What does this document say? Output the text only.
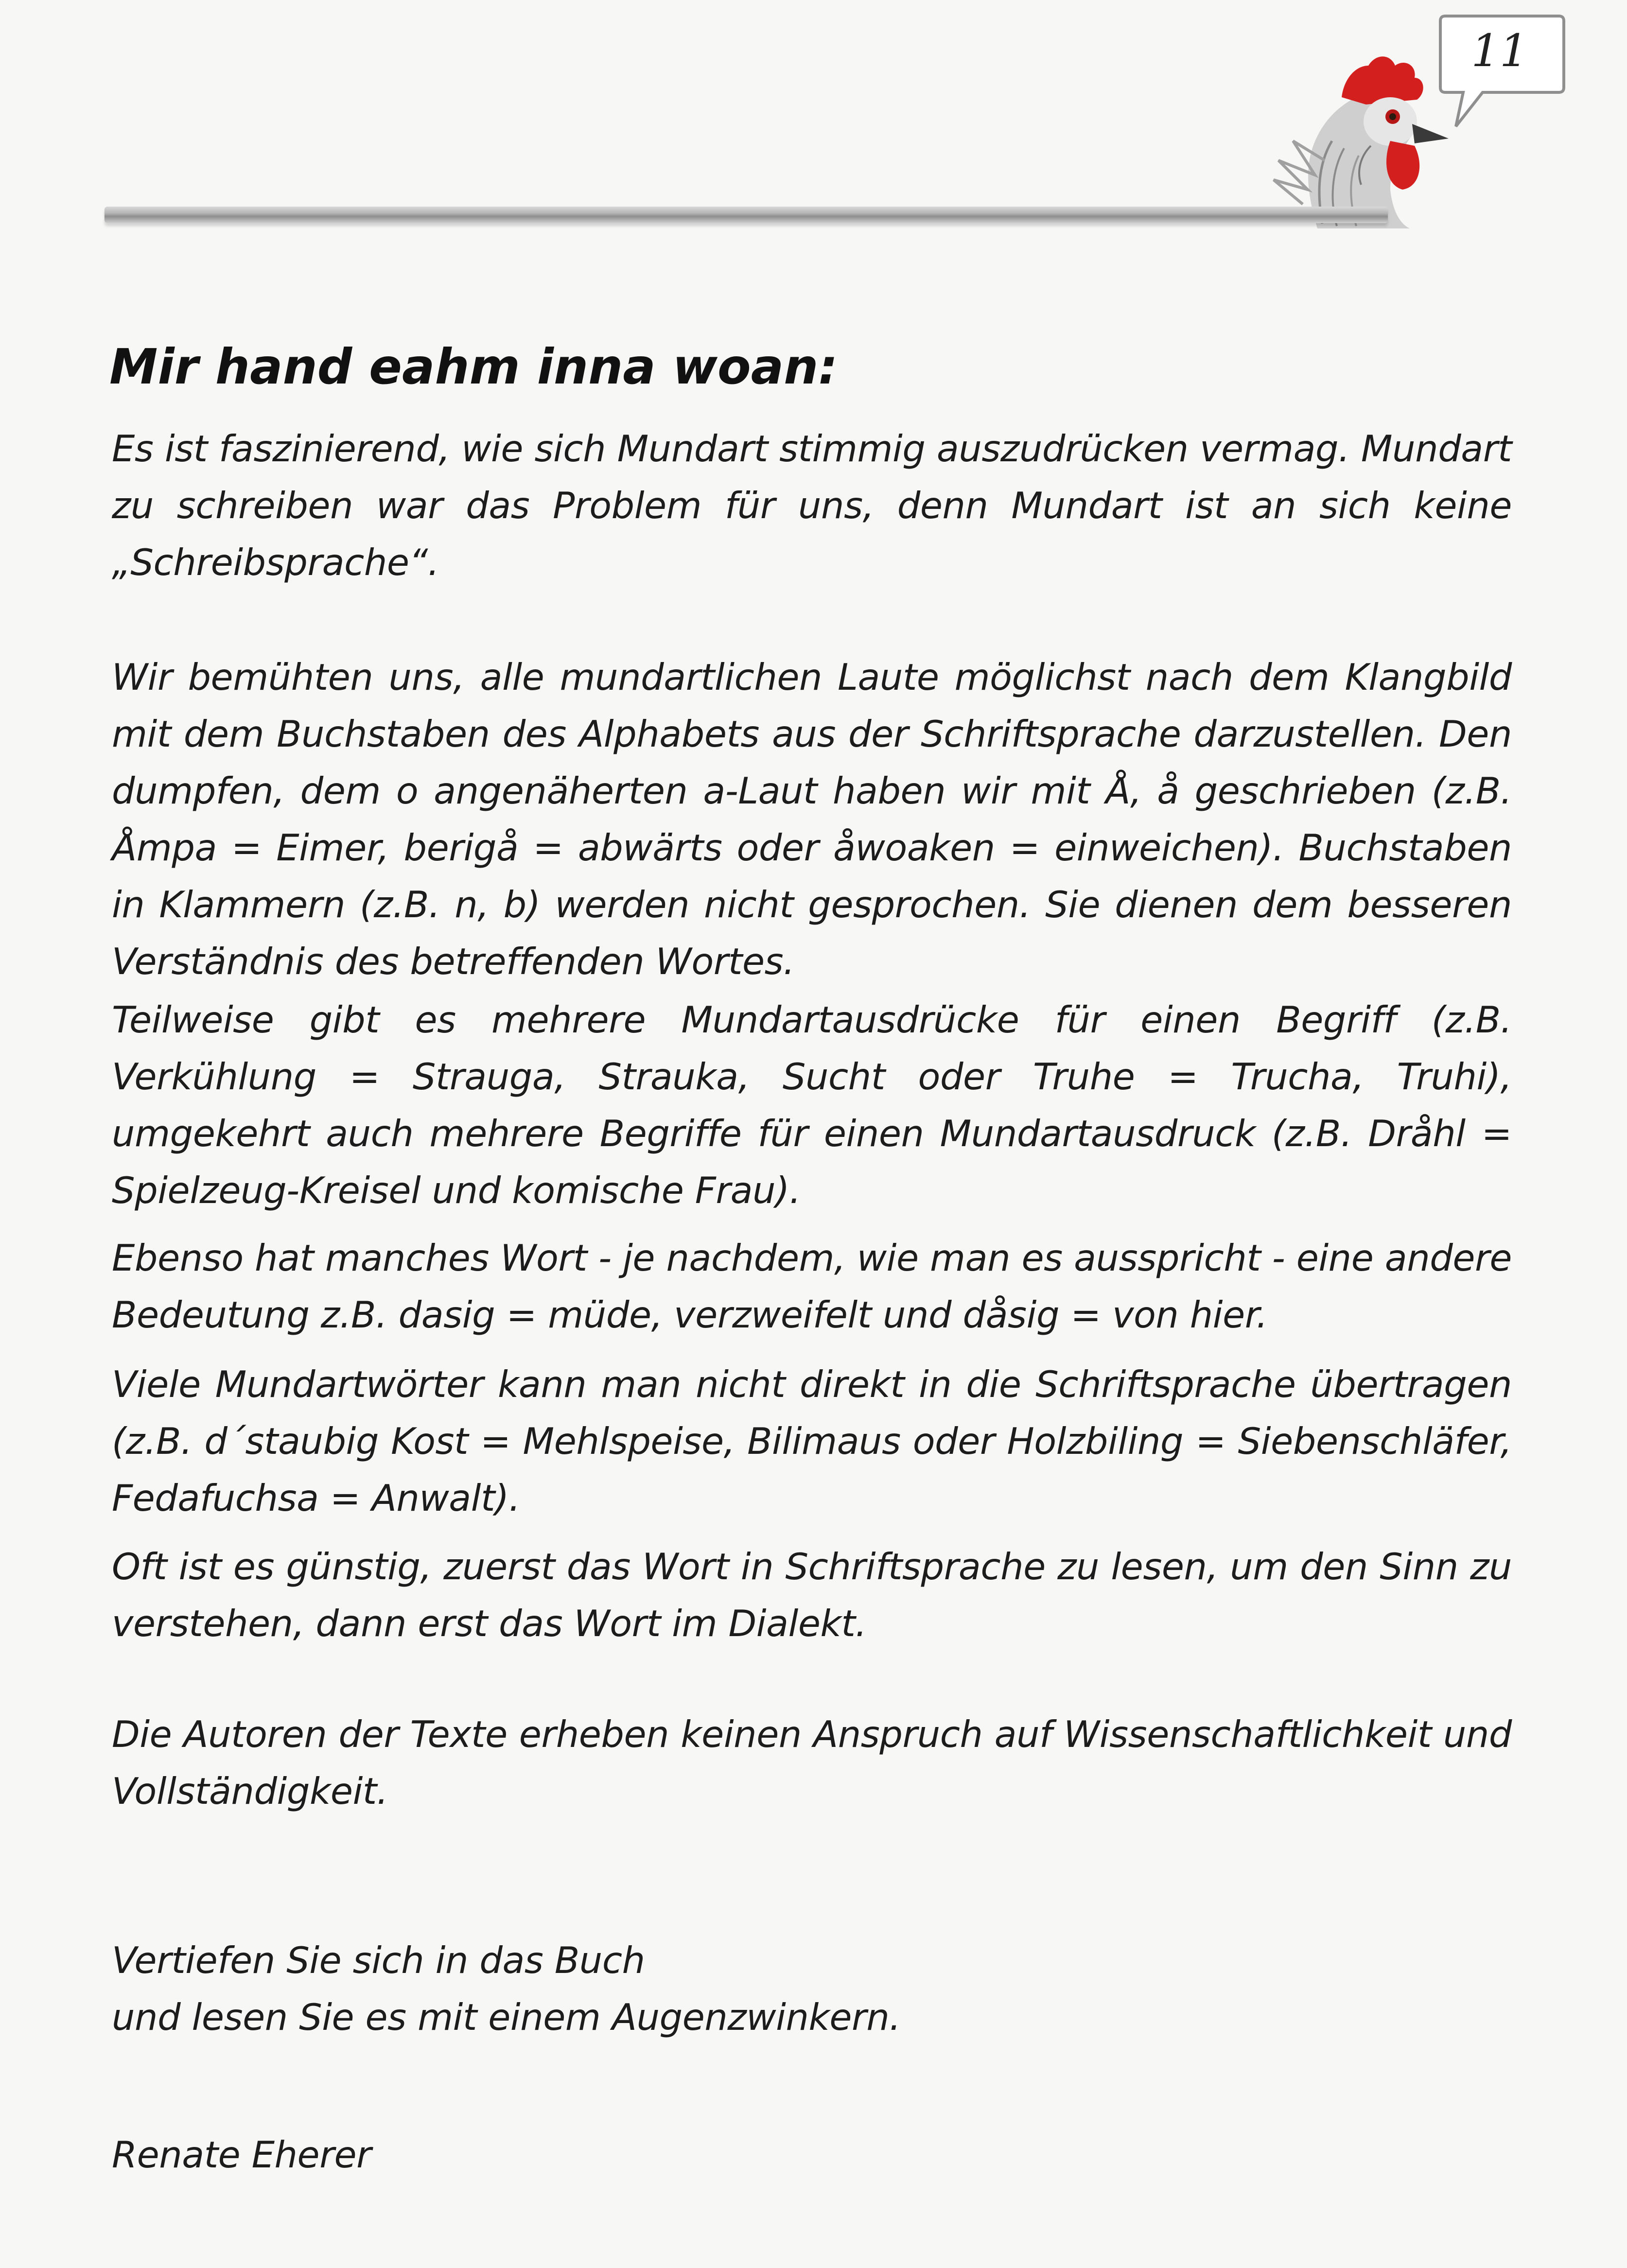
11
Mir hand eahm inna woan:

Es ist faszinierend, wie sich Mundart stimmig auszudrücken vermag. Mundart zu schreiben war das Problem für uns, denn Mundart ist an sich keine „Schreibsprache“.

Wir bemühten uns, alle mundartlichen Laute möglichst nach dem Klangbild mit dem Buchstaben des Alphabets aus der Schriftsprache darzustellen. Den dumpfen, dem o angenäherten a-Laut haben wir mit Å, å geschrieben (z.B. Åmpa = Eimer, berigå = abwärts oder åwoaken = einweichen). Buchstaben in Klammern (z.B. n, b) werden nicht gesprochen. Sie dienen dem besseren Verständnis des betreffenden Wortes.

Teilweise gibt es mehrere Mundartausdrücke für einen Begriff (z.B. Verkühlung = Strauga, Strauka, Sucht oder Truhe = Trucha, Truhi), umgekehrt auch mehrere Begriffe für einen Mundartausdruck (z.B. Dråhl = Spielzeug-Kreisel und komische Frau).

Ebenso hat manches Wort - je nachdem, wie man es ausspricht - eine andere Bedeutung z.B. dasig = müde, verzweifelt und dåsig = von hier.

Viele Mundartwörter kann man nicht direkt in die Schriftsprache übertragen (z.B. d´staubig Kost = Mehlspeise, Bilimaus oder Holzbiling = Siebenschläfer, Fedafuchsa = Anwalt).

Oft ist es günstig, zuerst das Wort in Schriftsprache zu lesen, um den Sinn zu verstehen, dann erst das Wort im Dialekt.

Die Autoren der Texte erheben keinen Anspruch auf Wissenschaftlichkeit und Vollständigkeit.

Vertiefen Sie sich in das Buch
und lesen Sie es mit einem Augenzwinkern.

Renate Eherer
